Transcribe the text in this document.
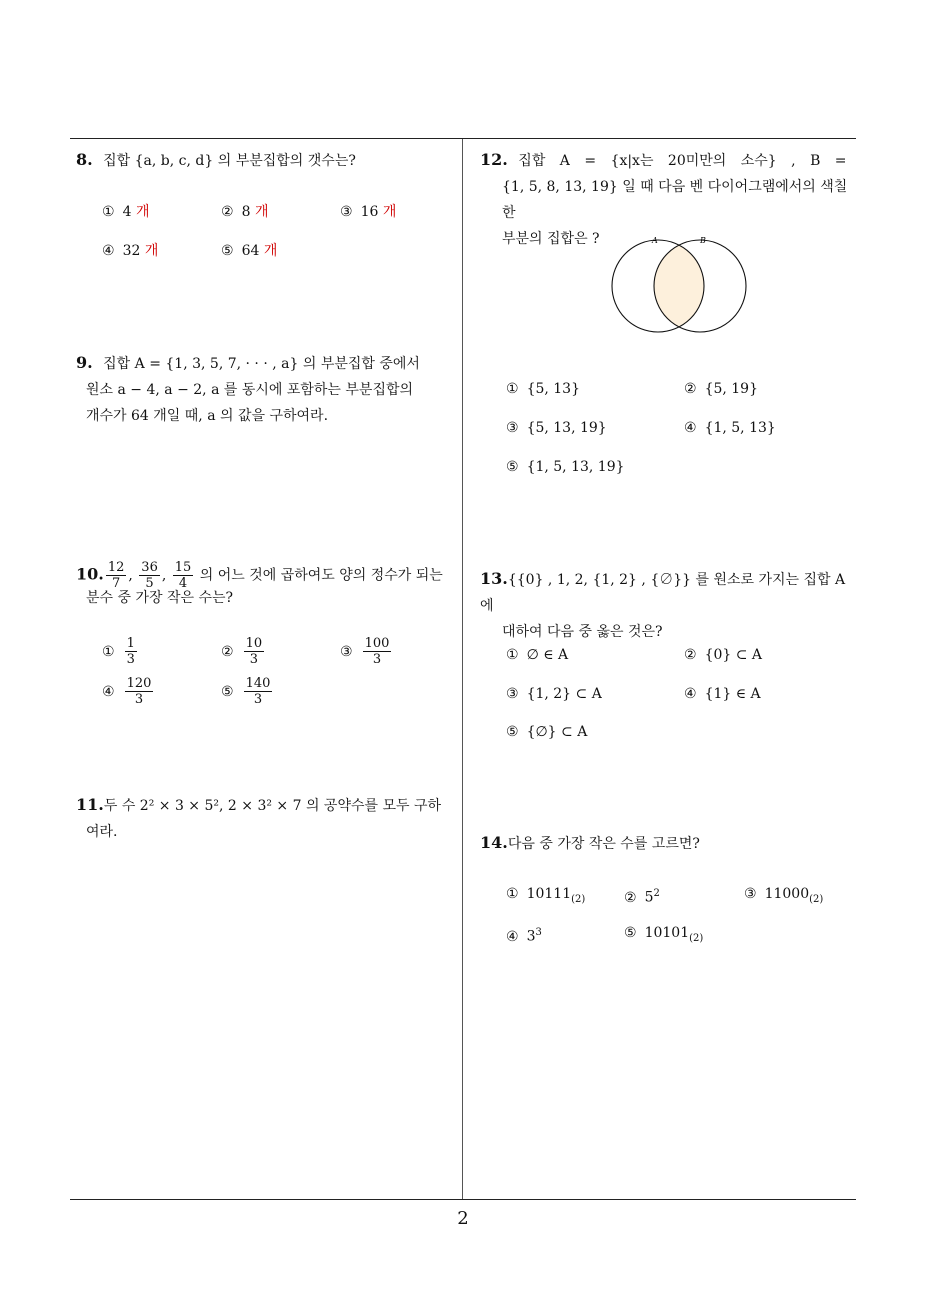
2
8. 집합 {a, b, c, d} 의 부분집합의 갯수는?
① 4 개	② 8 개	③ 16 개
④ 32 개	⑤ 64 개
9. 집합 A = {1, 3, 5, 7, · · · , a} 의 부분집합 중에서
원소 a − 4, a − 2, a 를 동시에 포함하는 부분집합의
개수가 64 개일 때, a 의 값을 구하여라.
10. $\frac{12}{7}$ , $\frac{36}{5}$ , $\frac{15}{4}$ 의 어느 것에 곱하여도 양의 정수가 되는
분수 중 가장 작은 수는?
① $\frac{1}{3}$	② $\frac{10}{3}$	③ $\frac{100}{3}$
④ $\frac{120}{3}$	⑤ $\frac{140}{3}$
11.두 수 2² × 3 × 5², 2 × 3² × 7 의 공약수를 모두 구하
여라.
12. 집합 A = {x|x는 20미만의 소수} , B =
{1, 5, 8, 13, 19} 일 때 다음 벤 다이어그램에서의 색칠한
부분의 집합은 ?	A	B
① {5, 13}	② {5, 19}
③ {5, 13, 19}	④ {1, 5, 13}
⑤ {1, 5, 13, 19}
13.{{0} , 1, 2, {1, 2} , {∅}} 를 원소로 가지는 집합 A 에
대하여 다음 중 옳은 것은?
① ∅ ∈ A	② {0} ⊂ A
③ {1, 2} ⊂ A	④ {1} ∈ A
⑤ {∅} ⊂ A
14.다음 중 가장 작은 수를 고르면?
① $10111_{(2)}$	② $5^2$	③ $11000_{(2)}$
④ $3^3$	⑤ $10101_{(2)}$
